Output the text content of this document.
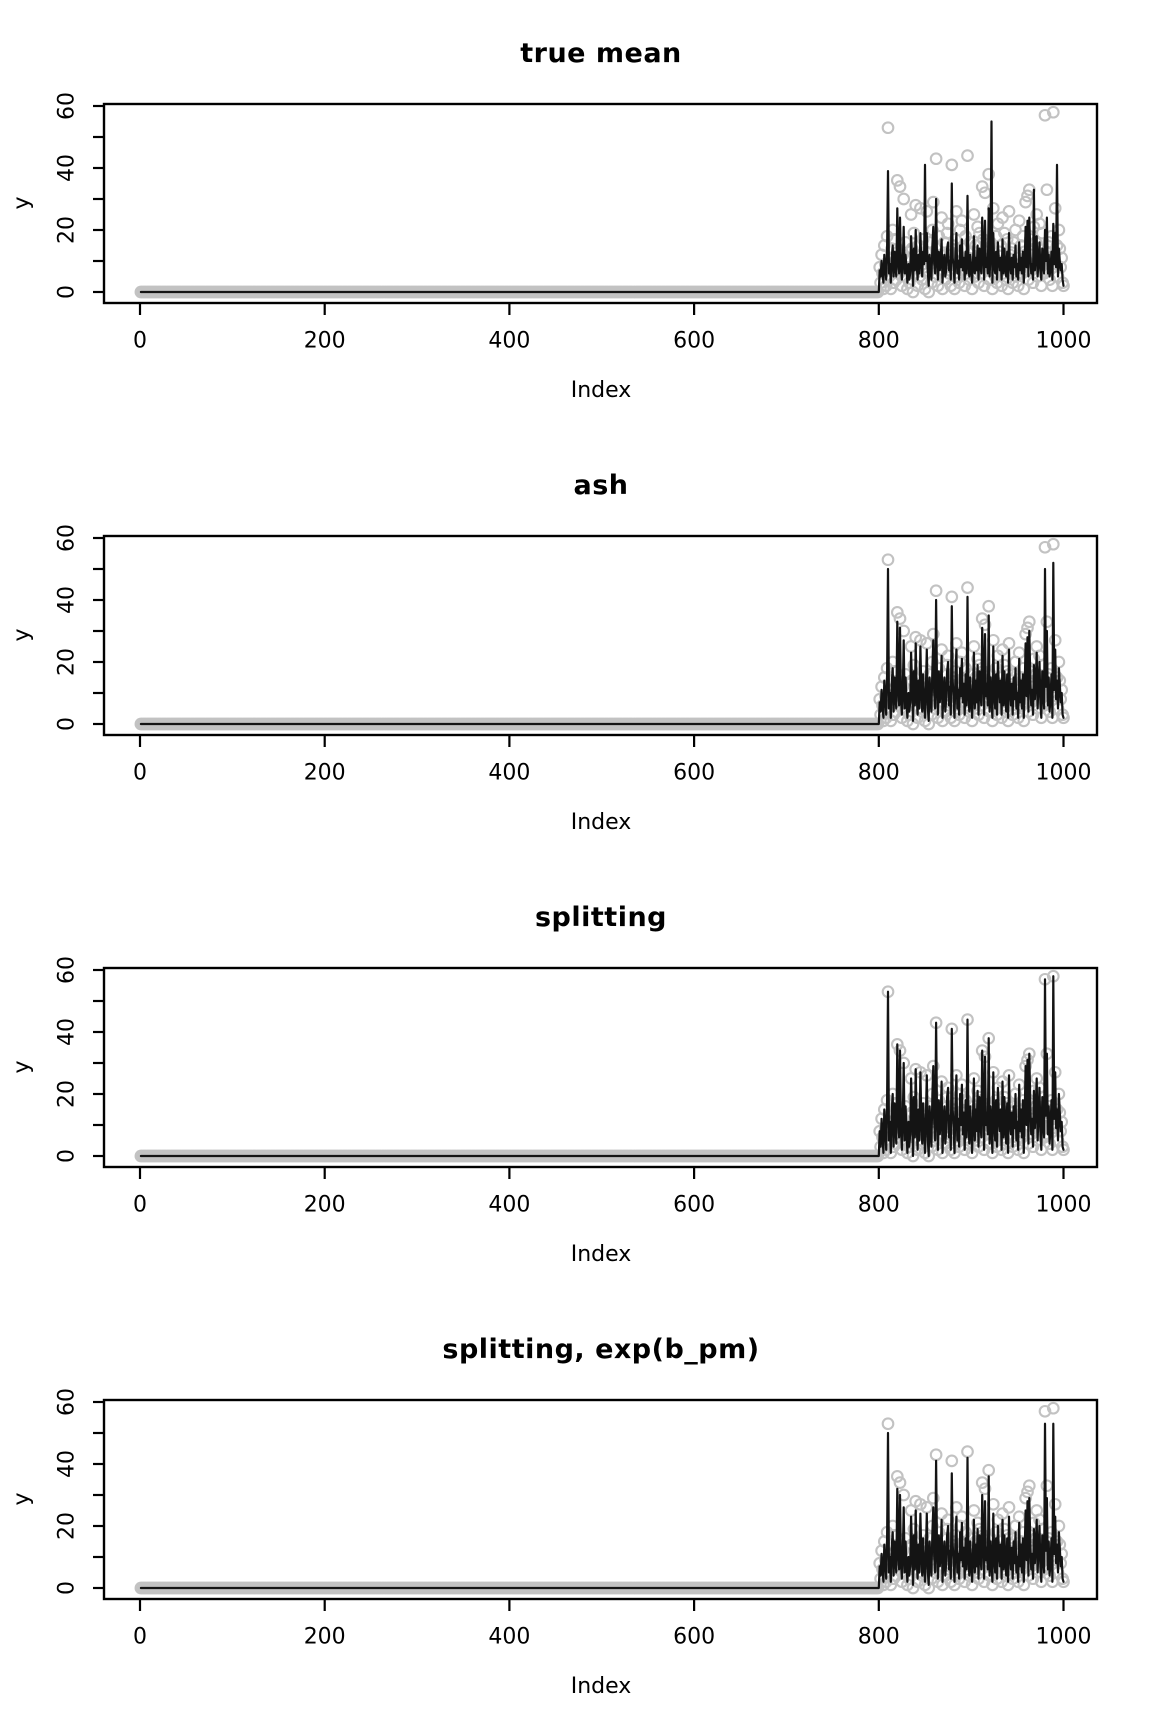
true mean
y
Index
0	200	400	600	800	1000
0
20
40
60
ash
y
Index
0	200	400	600	800	1000
0
20
40
60
splitting
y
Index
0	200	400	600	800	1000
0
20
40
60
splitting, exp(b_pm)
y
Index
0	200	400	600	800	1000
0
20
40
60
